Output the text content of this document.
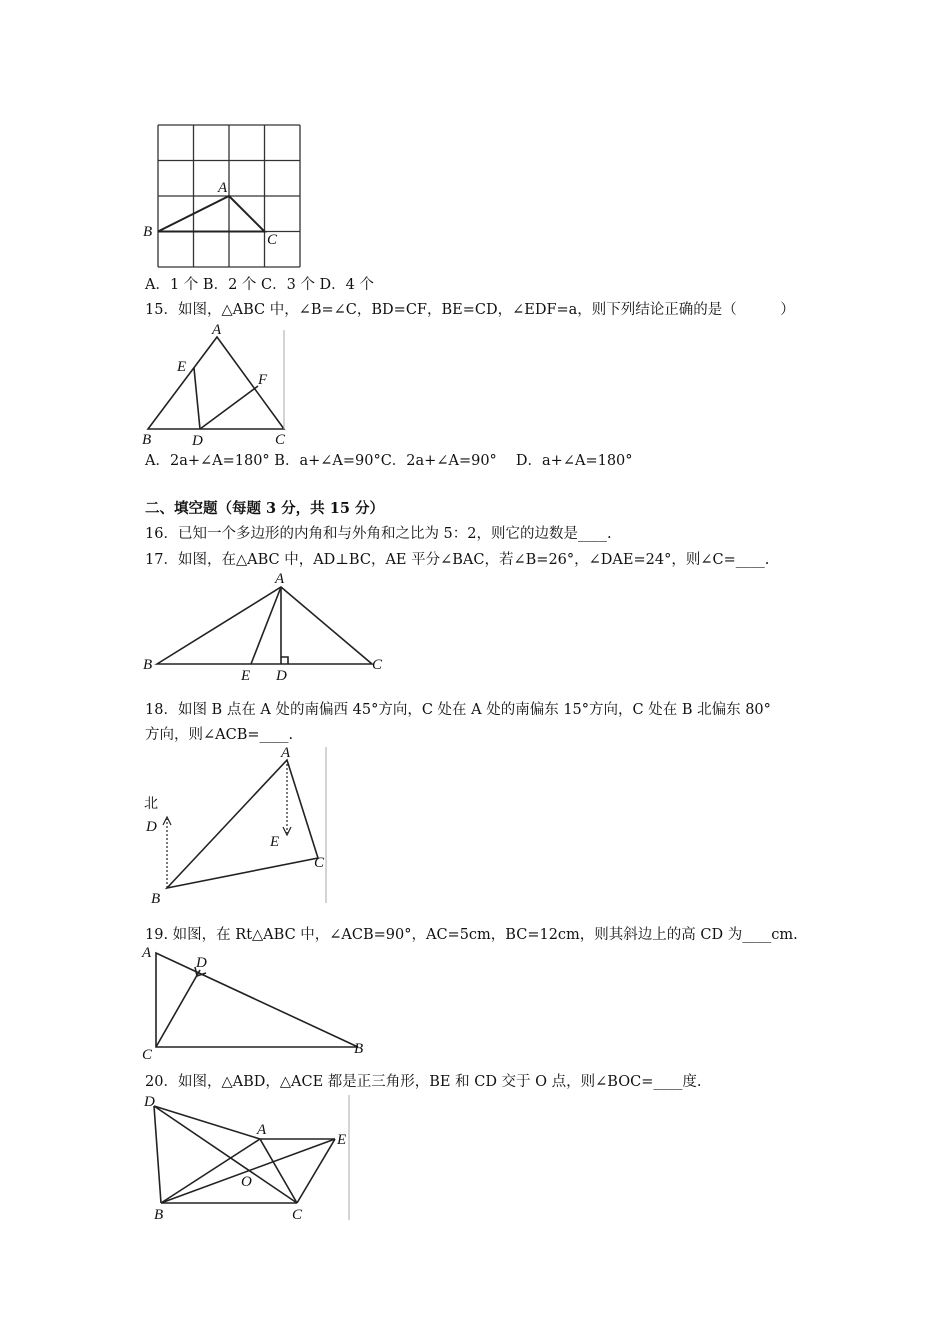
A
B	C
A．1 个 B．2 个 C．3 个 D．4 个
15．如图，△ABC 中，∠B=∠C，BD=CF，BE=CD，∠EDF=a，则下列结论正确的是（　　　）
A
B	D	C
E
F
A．2a+∠A=180° B．a+∠A=90°C．2a+∠A=90°　 D．a+∠A=180°
二、填空题（每题 3 分，共 15 分）
16．已知一个多边形的内角和与外角和之比为 5：2，则它的边数是____.
17．如图，在△ABC 中，AD⊥BC，AE 平分∠BAC，若∠B=26°，∠DAE=24°，则∠C=____.
A
B
E D
C
18．如图 B 点在 A 处的南偏西 45°方向，C 处在 A 处的南偏东 15°方向，C 处在 B 北偏东 80°
方向，则∠ACB=____.
北
D
A
E
C
B
19. 如图，在 Rt△ABC 中，∠ACB=90°，AC=5cm，BC=12cm，则其斜边上的高 CD 为____cm.
A
D
C	B
20．如图，△ABD，△ACE 都是正三角形，BE 和 CD 交于 O 点，则∠BOC=____度.
D
A
E
O
B	C
